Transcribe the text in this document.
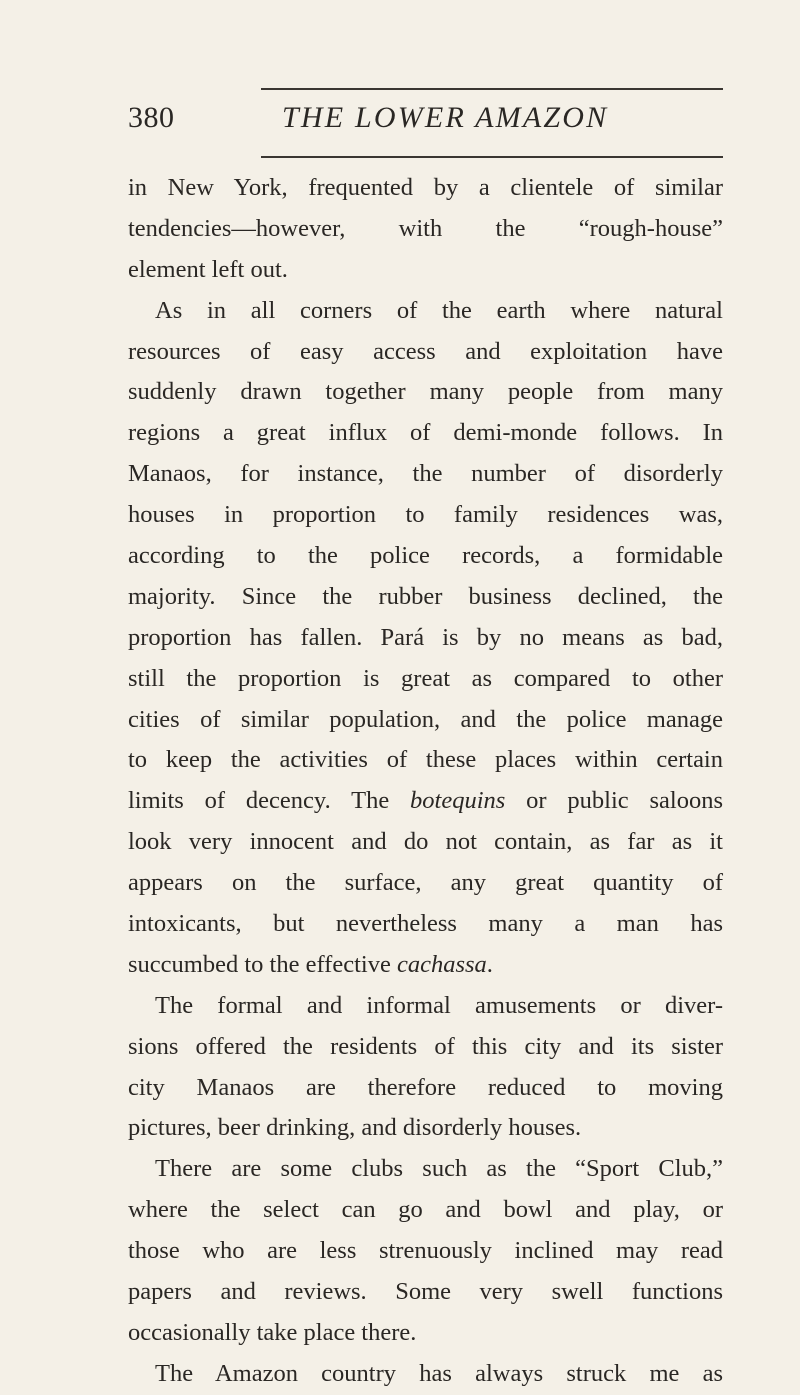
380	THE LOWER AMAZON
in New York, frequented by a clientele of similar
tendencies—however, with the “rough-house”
element left out.
As in all corners of the earth where natural
resources of easy access and exploitation have
suddenly drawn together many people from many
regions a great influx of demi-monde follows. In
Manaos, for instance, the number of disorderly
houses in proportion to family residences was,
according to the police records, a formidable
majority. Since the rubber business declined, the
proportion has fallen. Pará is by no means as bad,
still the proportion is great as compared to other
cities of similar population, and the police manage
to keep the activities of these places within certain
limits of decency. The botequins or public saloons
look very innocent and do not contain, as far as it
appears on the surface, any great quantity of
intoxicants, but nevertheless many a man has
succumbed to the effective cachassa.
The formal and informal amusements or diver-
sions offered the residents of this city and its sister
city Manaos are therefore reduced to moving
pictures, beer drinking, and disorderly houses.
There are some clubs such as the “Sport Club,”
where the select can go and bowl and play, or
those who are less strenuously inclined may read
papers and reviews. Some very swell functions
occasionally take place there.
The Amazon country has always struck me as
